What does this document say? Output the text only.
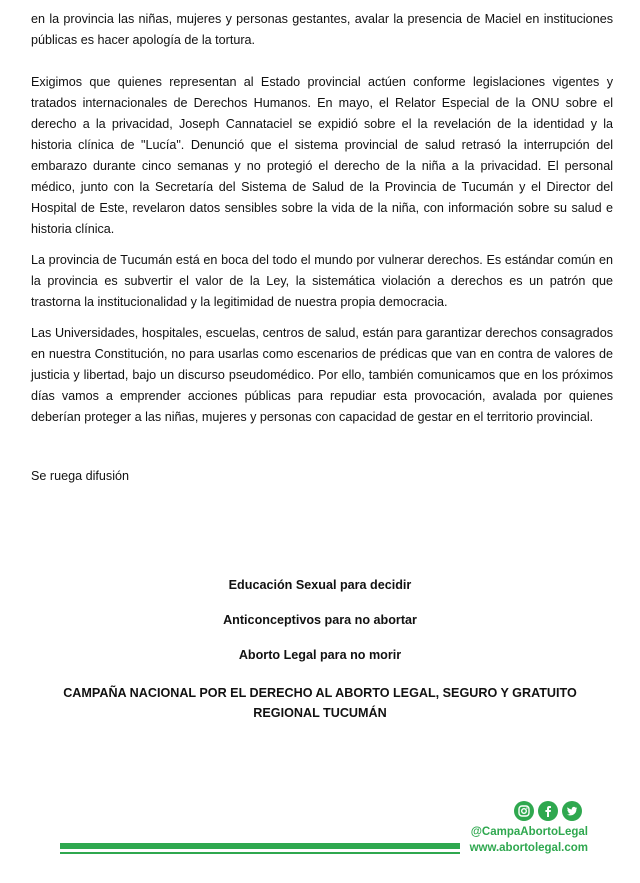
en la provincia las niñas, mujeres y personas gestantes, avalar la presencia de Maciel en instituciones públicas es hacer apología de la tortura.

Exigimos que quienes representan al Estado provincial actúen conforme legislaciones vigentes y tratados internacionales de Derechos Humanos. En mayo, el Relator Especial de la ONU sobre el derecho a la privacidad, Joseph Cannataciel se expidió sobre el la revelación de la identidad y la historia clínica de "Lucía". Denunció que el sistema provincial de salud retrasó la interrupción del embarazo durante cinco semanas y no protegió el derecho de la niña a la privacidad. El personal médico, junto con la Secretaría del Sistema de Salud de la Provincia de Tucumán y el Director del Hospital de Este, revelaron datos sensibles sobre la vida de la niña, con información sobre su salud e historia clínica.

La provincia de Tucumán está en boca del todo el mundo por vulnerar derechos. Es estándar común en la provincia es subvertir el valor de la Ley, la sistemática violación a derechos es un patrón que trastorna la institucionalidad y la legitimidad de nuestra propia democracia.

Las Universidades, hospitales, escuelas, centros de salud, están para garantizar derechos consagrados en nuestra Constitución, no para usarlas como escenarios de prédicas que van en contra de valores de justicia y libertad, bajo un discurso pseudomédico. Por ello, también comunicamos que en los próximos días vamos a emprender acciones públicas para repudiar esta provocación, avalada por quienes deberían proteger a las niñas, mujeres y personas con capacidad de gestar en el territorio provincial.

Se ruega difusión

Educación Sexual para decidir

Anticonceptivos para no abortar

Aborto Legal para no morir

CAMPAÑA NACIONAL POR EL DERECHO AL ABORTO LEGAL, SEGURO Y GRATUITO
REGIONAL TUCUMÁN

@CampaAbortoLegal

www.abortolegal.com
